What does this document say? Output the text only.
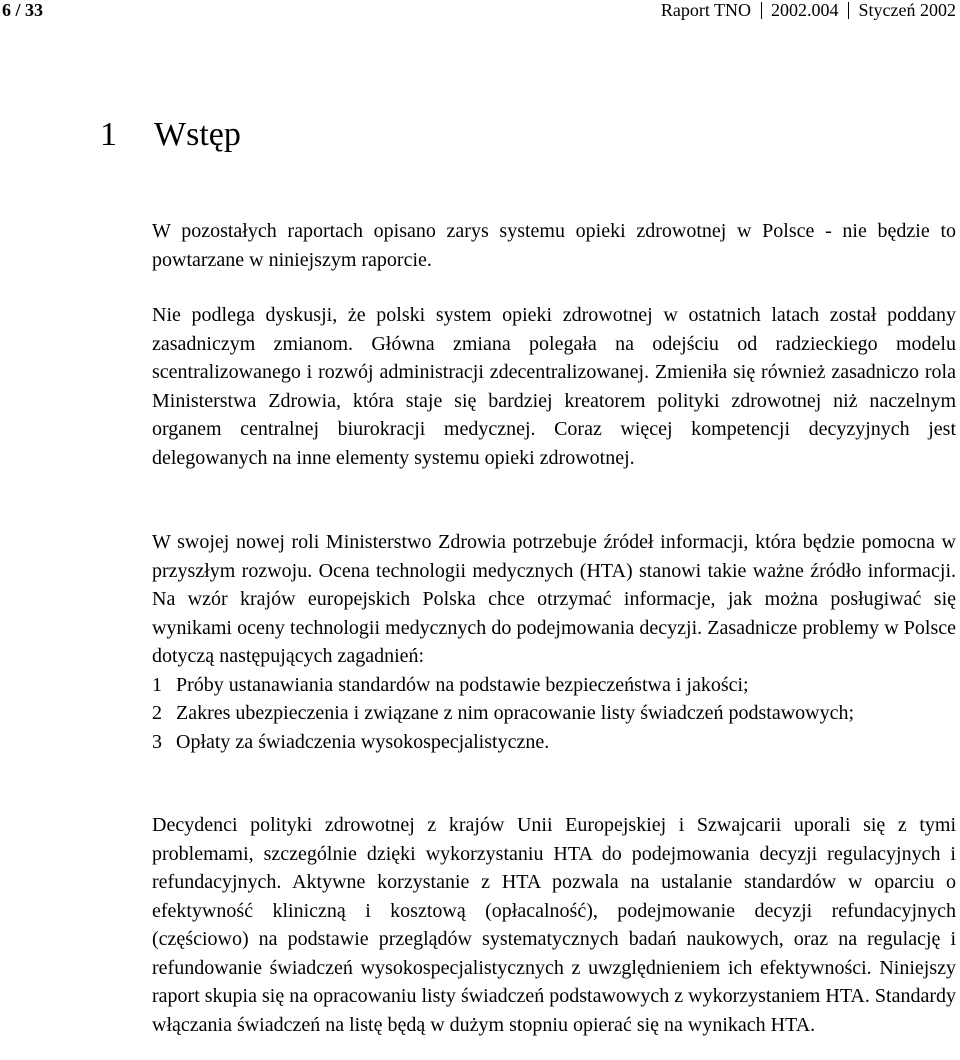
6 / 33	Raport TNO 2002.004 Styczeń 2002
1 Wstęp

W pozostałych raportach opisano zarys systemu opieki zdrowotnej w Polsce - nie będzie to powtarzane w niniejszym raporcie.

Nie podlega dyskusji, że polski system opieki zdrowotnej w ostatnich latach został poddany zasadniczym zmianom. Główna zmiana polegała na odejściu od radzieckiego modelu scentralizowanego i rozwój administracji zdecentralizowanej. Zmieniła się również zasadniczo rola Ministerstwa Zdrowia, która staje się bardziej kreatorem polityki zdrowotnej niż naczelnym organem centralnej biurokracji medycznej. Coraz więcej kompetencji decyzyjnych jest delegowanych na inne elementy systemu opieki zdrowotnej.

W swojej nowej roli Ministerstwo Zdrowia potrzebuje źródeł informacji, która będzie pomocna w przyszłym rozwoju. Ocena technologii medycznych (HTA) stanowi takie ważne źródło informacji. Na wzór krajów europejskich Polska chce otrzymać informacje, jak można posługiwać się wynikami oceny technologii medycznych do podejmowania decyzji. Zasadnicze problemy w Polsce dotyczą następujących zagadnień:

1 Próby ustanawiania standardów na podstawie bezpieczeństwa i jakości;
2 Zakres ubezpieczenia i związane z nim opracowanie listy świadczeń podstawowych;
3 Opłaty za świadczenia wysokospecjalistyczne.

Decydenci polityki zdrowotnej z krajów Unii Europejskiej i Szwajcarii uporali się z tymi problemami, szczególnie dzięki wykorzystaniu HTA do podejmowania decyzji regulacyjnych i refundacyjnych. Aktywne korzystanie z HTA pozwala na ustalanie standardów w oparciu o efektywność kliniczną i kosztową (opłacalność), podejmowanie decyzji refundacyjnych (częściowo) na podstawie przeglądów systematycznych badań naukowych, oraz na regulację i refundowanie świadczeń wysokospecjalistycznych z uwzględnieniem ich efektywności. Niniejszy raport skupia się na opracowaniu listy świadczeń podstawowych z wykorzystaniem HTA. Standardy włączania świadczeń na listę będą w dużym stopniu opierać się na wynikach HTA.
